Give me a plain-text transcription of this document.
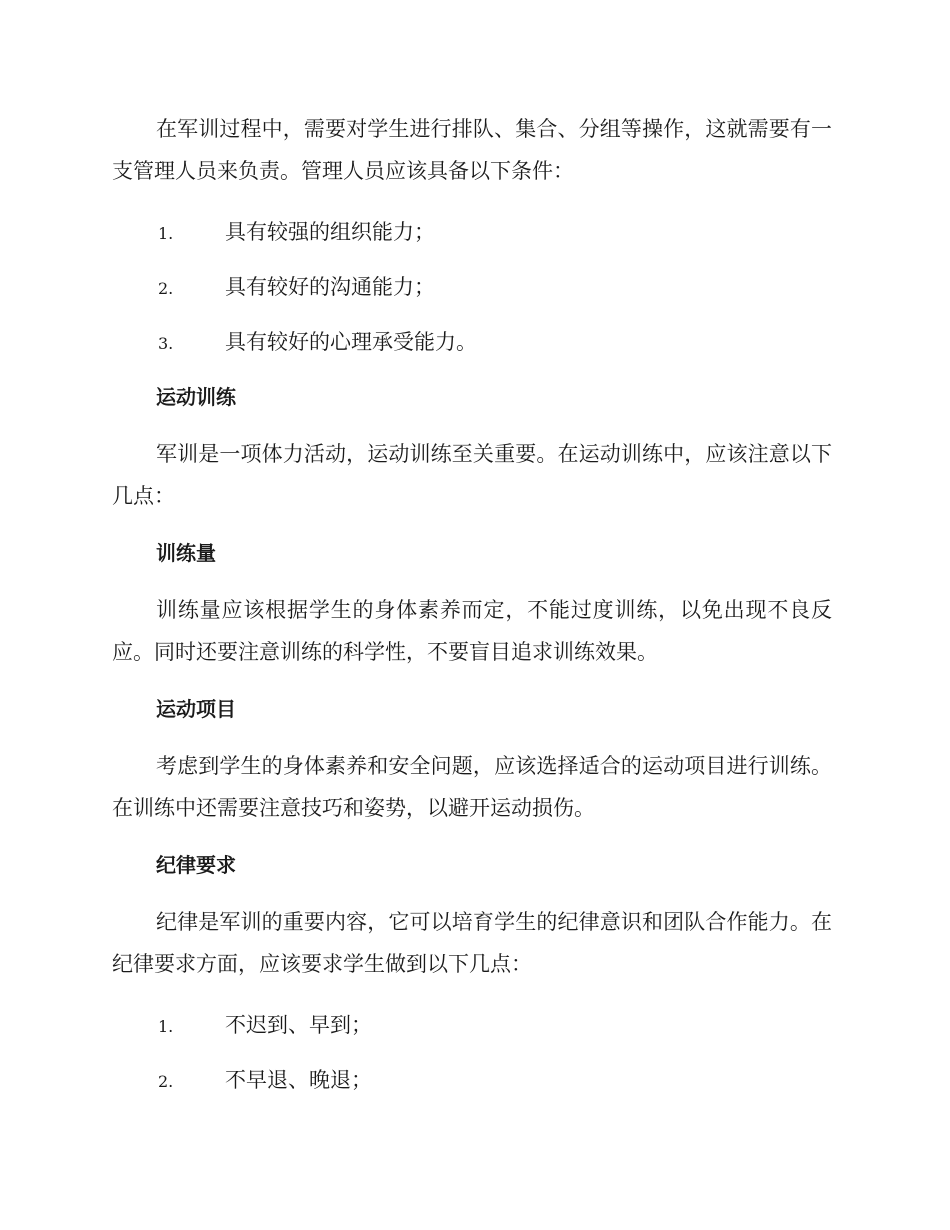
在军训过程中，需要对学生进行排队、集合、分组等操作，这就需要有一支管理人员来负责。管理人员应该具备以下条件：

1.	具有较强的组织能力；
2.	具有较好的沟通能力；
3.	具有较好的心理承受能力。
运动训练

军训是一项体力活动，运动训练至关重要。在运动训练中，应该注意以下几点：

训练量

训练量应该根据学生的身体素养而定，不能过度训练，以免出现不良反应。同时还要注意训练的科学性，不要盲目追求训练效果。

运动项目

考虑到学生的身体素养和安全问题，应该选择适合的运动项目进行训练。在训练中还需要注意技巧和姿势，以避开运动损伤。

纪律要求

纪律是军训的重要内容，它可以培育学生的纪律意识和团队合作能力。在纪律要求方面，应该要求学生做到以下几点：

1.	不迟到、早到；
2.	不早退、晚退；
